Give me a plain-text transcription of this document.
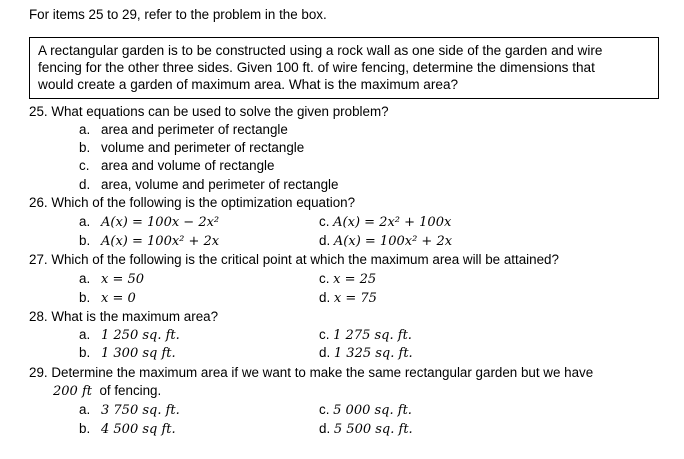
For items 25 to 29, refer to the problem in the box.
A rectangular garden is to be constructed using a rock wall as one side of the garden and wire
fencing for the other three sides. Given 100 ft. of wire fencing, determine the dimensions that
would create a garden of maximum area. What is the maximum area?
25. What equations can be used to solve the given problem?
a. area and perimeter of rectangle
b. volume and perimeter of rectangle
c. area and volume of rectangle
d. area, volume and perimeter of rectangle
26. Which of the following is the optimization equation?
a. A(x) = 100x − 2x²
b. A(x) = 100x² + 2x
c. A(x) = 2x² + 100x
d. A(x) = 100x² + 2x
27. Which of the following is the critical point at which the maximum area will be attained?
a. x = 50
b. x = 0
c. x = 25
d. x = 75
28. What is the maximum area?
a. 1 250 sq. ft.
b. 1 300 sq ft.
c. 1 275 sq. ft.
d. 1 325 sq. ft.
29. Determine the maximum area if we want to make the same rectangular garden but we have
200 ft of fencing.
a. 3 750 sq. ft.
b. 4 500 sq ft.
c. 5 000 sq. ft.
d. 5 500 sq. ft.
